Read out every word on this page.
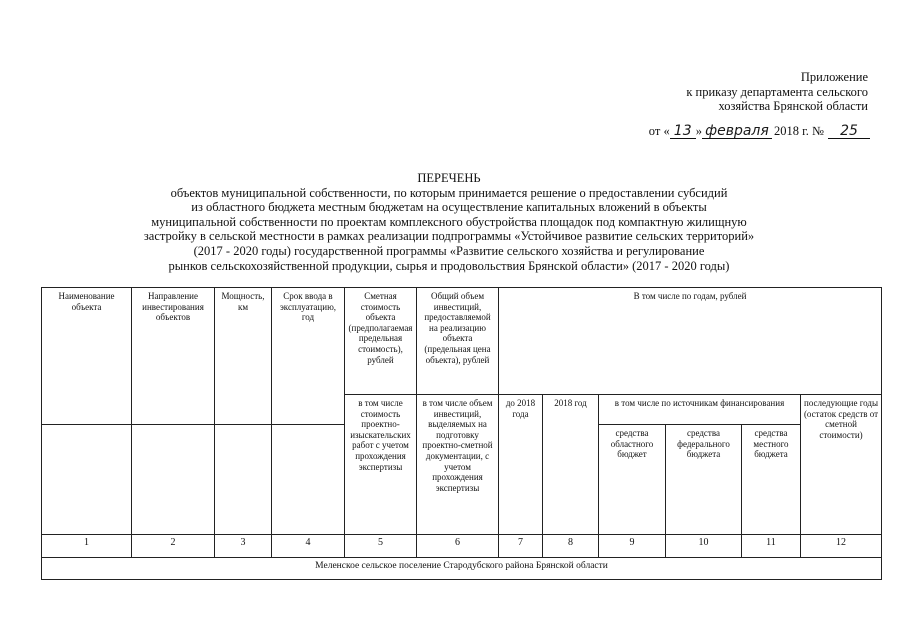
Приложение
к приказу департамента сельского
хозяйства Брянской области
от « 13 » февраля 2018 г. №	25
ПЕРЕЧЕНЬ
объектов муниципальной собственности, по которым принимается решение о предоставлении субсидий
из областного бюджета местным бюджетам на осуществление капитальных вложений в объекты
муниципальной собственности по проектам комплексного обустройства площадок под компактную жилищную
застройку в сельской местности в рамках реализации подпрограммы «Устойчивое развитие сельских территорий»
(2017 - 2020 годы) государственной программы «Развитие сельского хозяйства и регулирование
рынков сельскохозяйственной продукции, сырья и продовольствия Брянской области» (2017 - 2020 годы)
Наименование объекта	Направление инвестирования объектов	Мощность, км	Срок ввода в эксплуатацию, год	Сметная стоимость объекта (предполагаемая предельная стоимость), рублей	Общий объем инвестиций, предоставляемой на реализацию объекта (предельная цена объекта), рублей	В том числе по годам, рублей					
				в том числе стоимость проектно-изыскательских работ с учетом прохождения экспертизы	в том числе объем инвестиций, выделяемых на подготовку проектно-сметной документации, с учетом прохождения экспертизы	до 2018 года	2018 год	в том числе по источникам финансирования			последующие годы (остаток средств от сметной стоимости)
								средства областного бюджет	средства федерального бюджета	средства местного бюджета	
1	2	3	4	5	6	7	8	9	10	11	12
Меленское сельское поселение Стародубского района Брянской области											
